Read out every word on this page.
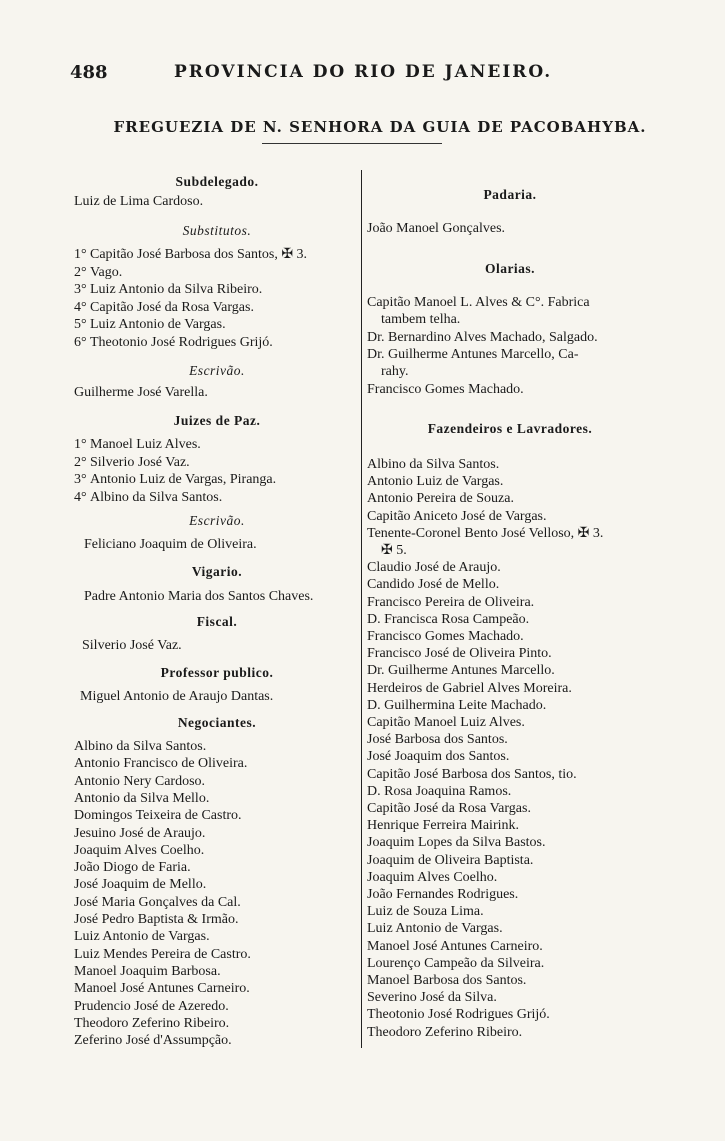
488	PROVINCIA DO RIO DE JANEIRO.
FREGUEZIA DE N. SENHORA DA GUIA DE PACOBAHYBA.
Subdelegado.
Luiz de Lima Cardoso.
Substitutos.
1° Capitão José Barbosa dos Santos, ✠ 3.
2° Vago.
3° Luiz Antonio da Silva Ribeiro.
4° Capitão José da Rosa Vargas.
5° Luiz Antonio de Vargas.
6° Theotonio José Rodrigues Grijó.
Escrivão.
Guilherme José Varella.
Juizes de Paz.
1° Manoel Luiz Alves.
2° Silverio José Vaz.
3° Antonio Luiz de Vargas, Piranga.
4° Albino da Silva Santos.
Escrivão.
Feliciano Joaquim de Oliveira.
Vigario.
Padre Antonio Maria dos Santos Chaves.
Fiscal.
Silverio José Vaz.
Professor publico.
Miguel Antonio de Araujo Dantas.
Negociantes.
Albino da Silva Santos.
Antonio Francisco de Oliveira.
Antonio Nery Cardoso.
Antonio da Silva Mello.
Domingos Teixeira de Castro.
Jesuino José de Araujo.
Joaquim Alves Coelho.
João Diogo de Faria.
José Joaquim de Mello.
José Maria Gonçalves da Cal.
José Pedro Baptista & Irmão.
Luiz Antonio de Vargas.
Luiz Mendes Pereira de Castro.
Manoel Joaquim Barbosa.
Manoel José Antunes Carneiro.
Prudencio José de Azeredo.
Theodoro Zeferino Ribeiro.
Zeferino José d'Assumpção.
Padaria.
João Manoel Gonçalves.
Olarias.
Capitão Manoel L. Alves & C°. Fabrica
tambem telha.
Dr. Bernardino Alves Machado, Salgado.
Dr. Guilherme Antunes Marcello, Ca-
rahy.
Francisco Gomes Machado.
Fazendeiros e Lavradores.
Albino da Silva Santos.
Antonio Luiz de Vargas.
Antonio Pereira de Souza.
Capitão Aniceto José de Vargas.
Tenente-Coronel Bento José Velloso, ✠ 3.
✠ 5.
Claudio José de Araujo.
Candido José de Mello.
Francisco Pereira de Oliveira.
D. Francisca Rosa Campeão.
Francisco Gomes Machado.
Francisco José de Oliveira Pinto.
Dr. Guilherme Antunes Marcello.
Herdeiros de Gabriel Alves Moreira.
D. Guilhermina Leite Machado.
Capitão Manoel Luiz Alves.
José Barbosa dos Santos.
José Joaquim dos Santos.
Capitão José Barbosa dos Santos, tio.
D. Rosa Joaquina Ramos.
Capitão José da Rosa Vargas.
Henrique Ferreira Mairink.
Joaquim Lopes da Silva Bastos.
Joaquim de Oliveira Baptista.
Joaquim Alves Coelho.
João Fernandes Rodrigues.
Luiz de Souza Lima.
Luiz Antonio de Vargas.
Manoel José Antunes Carneiro.
Lourenço Campeão da Silveira.
Manoel Barbosa dos Santos.
Severino José da Silva.
Theotonio José Rodrigues Grijó.
Theodoro Zeferino Ribeiro.
